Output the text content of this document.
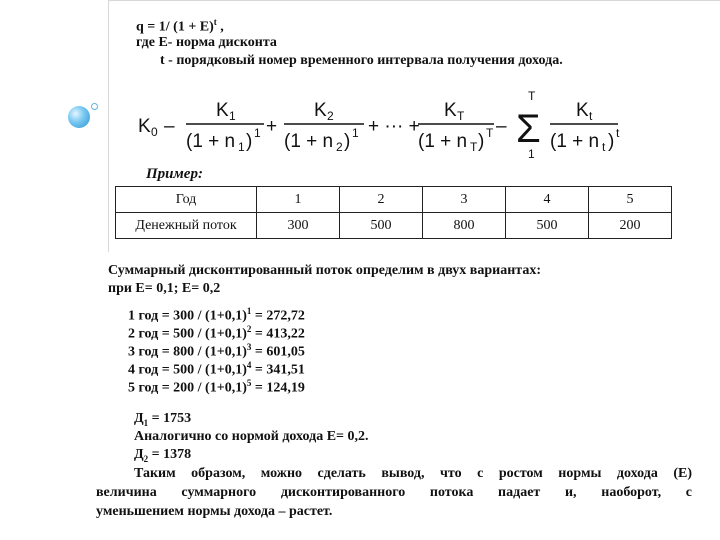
q = 1/ $(1 + E)^t$ ,
где Е- норма дисконта
t - порядковый номер временного интервала получения дохода.
K 0 –
K 1
(1 + n 1 ) 1 +
K 2
(1 + n 2 ) 1 + ··· +
K T
(1 + n T ) T –
T
Σ
1
K t
(1 + n t ) t
Пример:
Год	1	2	3	4	5
Денежный поток	300	500	800	500	200
Суммарный дисконтированный поток определим в двух вариантах:
при Е= 0,1; Е= 0,2
1 год = $300 / (1+0,1)^1 = 272,72$
2 год = $500 / (1+0,1)^2 = 413,22$
3 год = $800 / (1+0,1)^3 = 601,05$
4 год = $500 / (1+0,1)^4 = 341,51$
5 год = $200 / (1+0,1)^5 = 124,19$
$Д_1 = 1753$
Аналогично со нормой дохода Е= 0,2.
$Д_2 = 1378$
Таким образом, можно сделать вывод, что с ростом нормы дохода (Е)
величина суммарного дисконтированного потока падает и, наоборот, с
уменьшением нормы дохода – растет.
